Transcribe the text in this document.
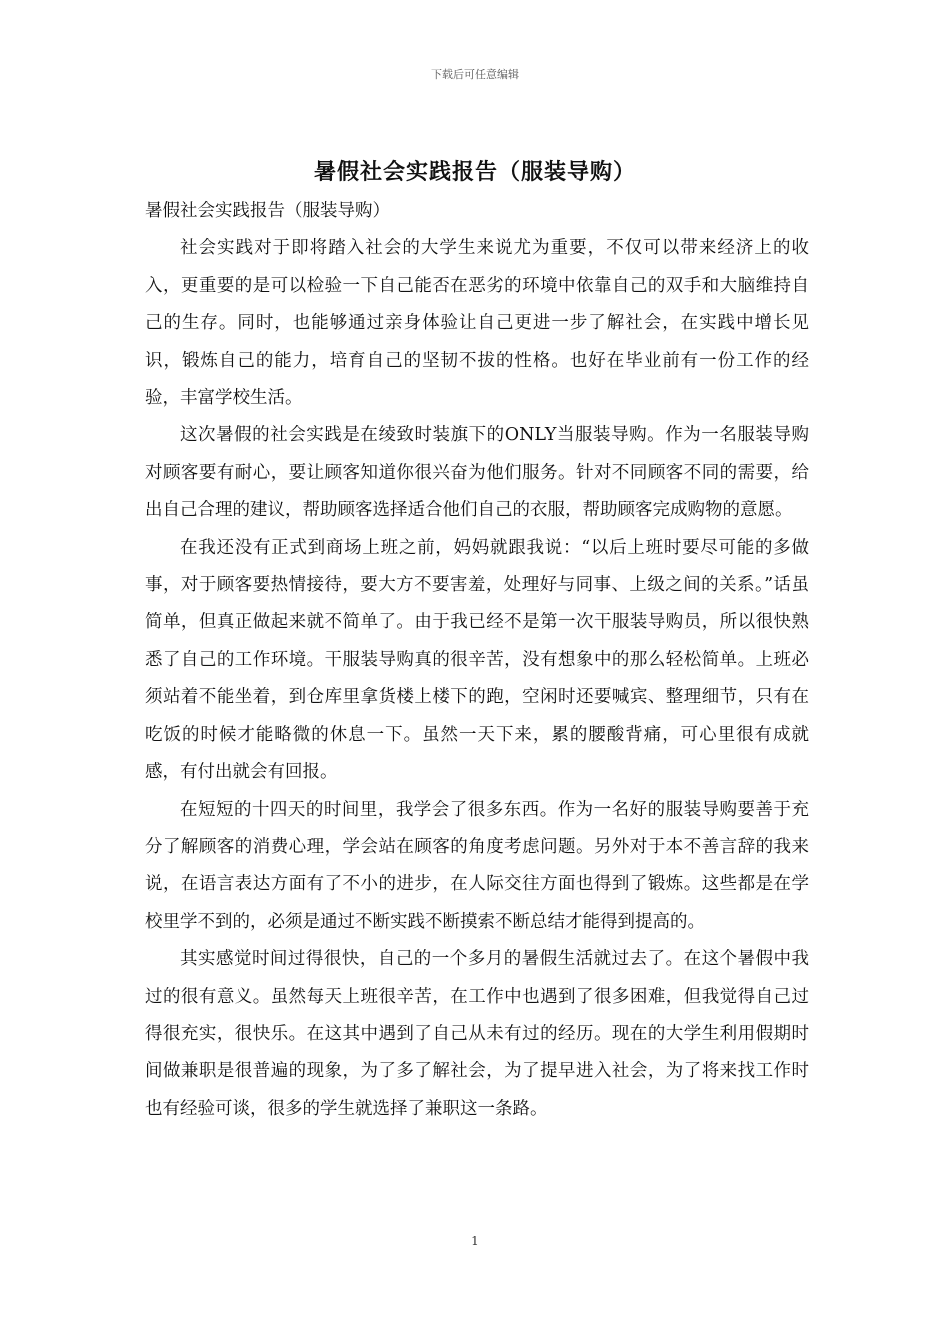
下载后可任意编辑
暑假社会实践报告（服装导购）

暑假社会实践报告（服装导购）

社会实践对于即将踏入社会的大学生来说尤为重要，不仅可以带来经济上的收入，更重要的是可以检验一下自己能否在恶劣的环境中依靠自己的双手和大脑维持自己的生存。同时，也能够通过亲身体验让自己更进一步了解社会，在实践中增长见识，锻炼自己的能力，培育自己的坚韧不拔的性格。也好在毕业前有一份工作的经验，丰富学校生活。

这次暑假的社会实践是在绫致时装旗下的ONLY当服装导购。作为一名服装导购对顾客要有耐心，要让顾客知道你很兴奋为他们服务。针对不同顾客不同的需要，给出自己合理的建议，帮助顾客选择适合他们自己的衣服，帮助顾客完成购物的意愿。

在我还没有正式到商场上班之前，妈妈就跟我说：“以后上班时要尽可能的多做事，对于顾客要热情接待，要大方不要害羞，处理好与同事、上级之间的关系。”话虽简单，但真正做起来就不简单了。由于我已经不是第一次干服装导购员，所以很快熟悉了自己的工作环境。干服装导购真的很辛苦，没有想象中的那么轻松简单。上班必须站着不能坐着，到仓库里拿货楼上楼下的跑，空闲时还要喊宾、整理细节，只有在吃饭的时候才能略微的休息一下。虽然一天下来，累的腰酸背痛，可心里很有成就感，有付出就会有回报。

在短短的十四天的时间里，我学会了很多东西。作为一名好的服装导购要善于充分了解顾客的消费心理，学会站在顾客的角度考虑问题。另外对于本不善言辞的我来说，在语言表达方面有了不小的进步，在人际交往方面也得到了锻炼。这些都是在学校里学不到的，必须是通过不断实践不断摸索不断总结才能得到提高的。

其实感觉时间过得很快，自己的一个多月的暑假生活就过去了。在这个暑假中我过的很有意义。虽然每天上班很辛苦，在工作中也遇到了很多困难，但我觉得自己过得很充实，很快乐。在这其中遇到了自己从未有过的经历。现在的大学生利用假期时间做兼职是很普遍的现象，为了多了解社会，为了提早进入社会，为了将来找工作时也有经验可谈，很多的学生就选择了兼职这一条路。

1
